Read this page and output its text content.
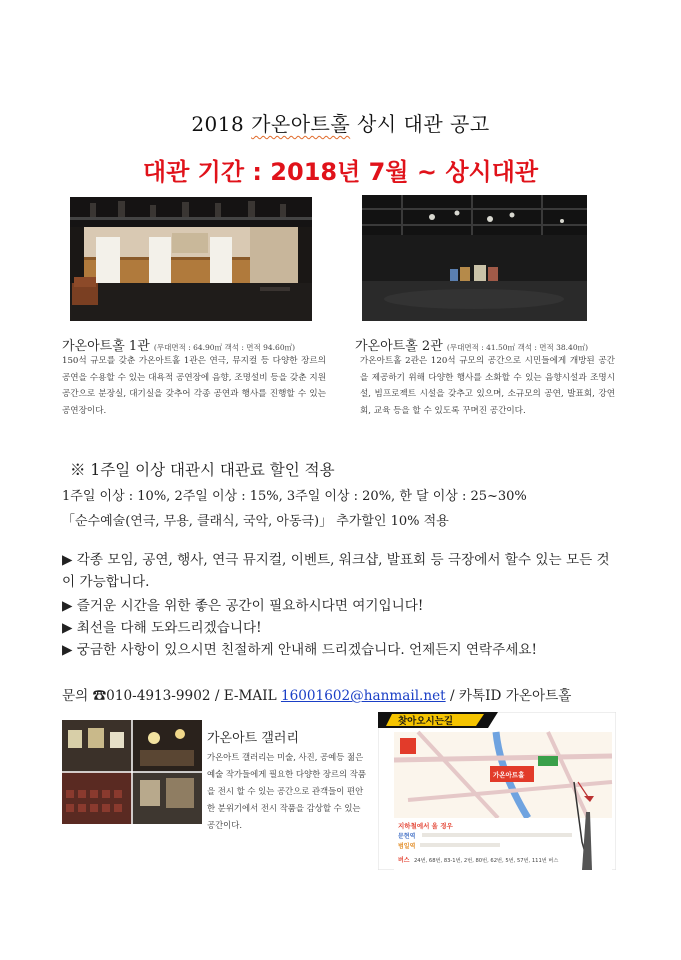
2018 가온아트홀 상시 대관 공고
대관 기간 : 2018년 7월 ~ 상시대관
가온아트홀 1관 (무대면적 : 64.90㎡ 객석 : 면적 94.60㎡)
150석 규모를 갖춘 가온아트홀 1관은 연극, 뮤지컬 등 다양한 장르의 공연을 수용할 수 있는 대욕적 공연장에 음향, 조명설비 등을 갖춘 지원공간으로 분장실, 대기실을 갖추어 각종 공연과 행사를 진행할 수 있는 공연장이다.
가온아트홀 2관 (무대면적 : 41.50㎡ 객석 : 면적 38.40㎡)
가온아트홀 2관은 120석 규모의 공간으로 시민들에게 개방된 공간을 제공하기 위해 다양한 행사를 소화할 수 있는 음향시설과 조명시설, 빔프로젝트 시설을 갖추고 있으며, 소규모의 공연, 발표회, 강연회, 교육 등을 할 수 있도록 꾸며진 공간이다.
※ 1주일 이상 대관시 대관료 할인 적용
1주일 이상 : 10%, 2주일 이상 : 15%, 3주일 이상 : 20%, 한 달 이상 : 25~30%
「순수예술(연극, 무용, 클래식, 국악, 아동극)」 추가할인 10% 적용
▶ 각종 모임, 공연, 행사, 연극 뮤지컬, 이벤트, 워크샵, 발표회 등 극장에서 할수 있는 모든 것이 가능합니다.
▶ 즐거운 시간을 위한 좋은 공간이 필요하시다면 여기입니다!
▶ 최선을 다해 도와드리겠습니다!
▶ 궁금한 사항이 있으시면 친절하게 안내해 드리겠습니다. 언제든지 연락주세요!
문의 ☎010-4913-9902 / E-MAIL 16001602@hanmail.net / 카톡ID 가온아트홀
가온아트 갤러리
가온아트 갤러리는 미술, 사진, 공예등 젊은 예술 작가들에게 필요한 다양한 장르의 작품을 전시 할 수 있는 공간으로 관객들이 편안한 분위기에서 전시 작품을 감상할 수 있는 공간이다.
찾아오시는길
가온아트홀
지하철에서 올 경우
문현역
범일역
버스 24번, 68번, 83-1번, 2번, 80번, 62번, 5번, 57번, 111번 버스
